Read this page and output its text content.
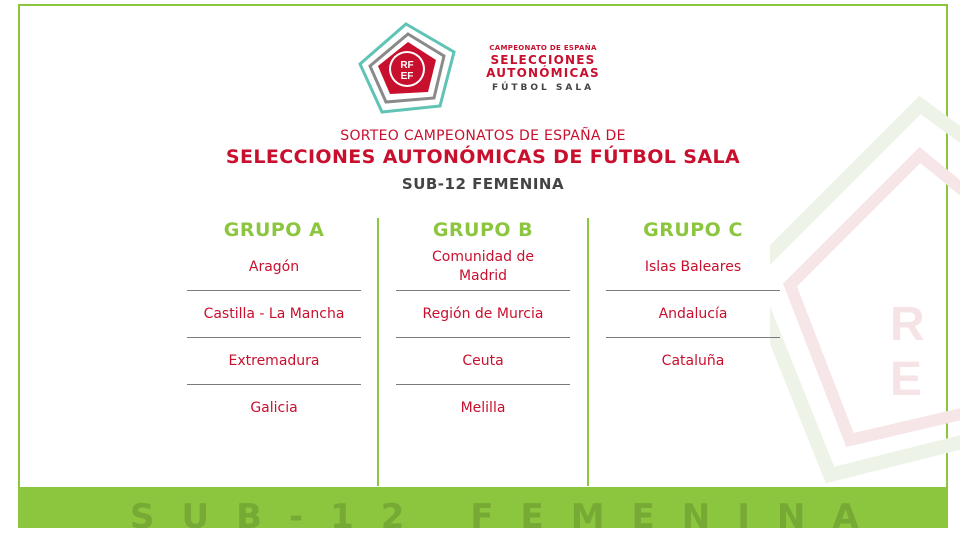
R
E
RF
EF
CAMPEONATO DE ESPAÑA
SELECCIONES
AUTONÓMICAS
FÚTBOL SALA
SORTEO CAMPEONATOS DE ESPAÑA DE
SELECCIONES AUTONÓMICAS DE FÚTBOL SALA
SUB-12 FEMENINA
GRUPO A
Aragón
Castilla - La Mancha
Extremadura
Galicia
GRUPO B
Comunidad de Madrid
Región de Murcia
Ceuta
Melilla
GRUPO C
Islas Baleares
Andalucía
Cataluña
SUB-12 FEMENINA
